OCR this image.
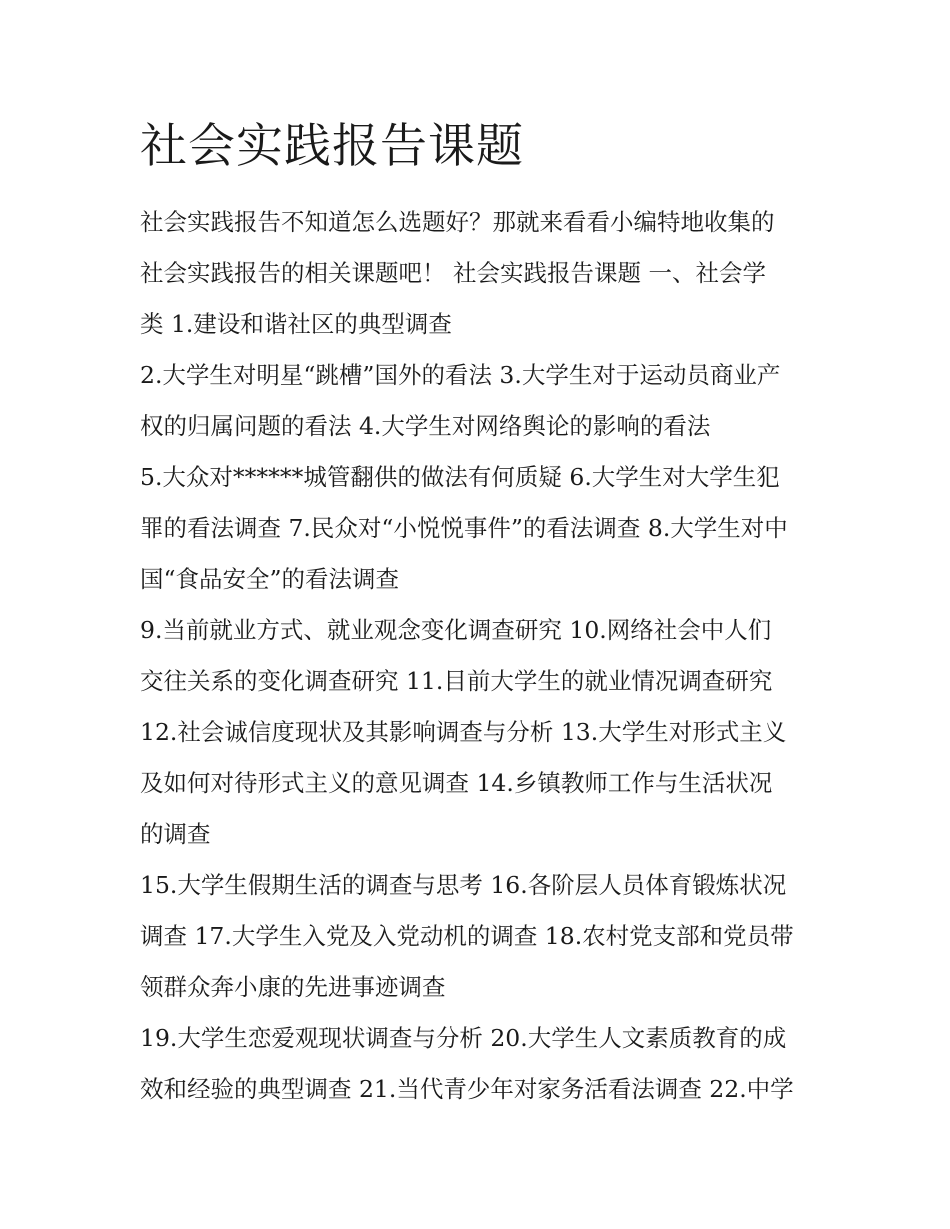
社会实践报告课题

社会实践报告不知道怎么选题好？那就来看看小编特地收集的

社会实践报告的相关课题吧！ 社会实践报告课题 一、社会学

类 1.建设和谐社区的典型调查

2.大学生对明星“跳槽”国外的看法 3.大学生对于运动员商业产

权的归属问题的看法 4.大学生对网络舆论的影响的看法

5.大众对******城管翻供的做法有何质疑 6.大学生对大学生犯

罪的看法调查 7.民众对“小悦悦事件”的看法调查 8.大学生对中

国“食品安全”的看法调查

9.当前就业方式、就业观念变化调查研究 10.网络社会中人们

交往关系的变化调查研究 11.目前大学生的就业情况调查研究

12.社会诚信度现状及其影响调查与分析 13.大学生对形式主义

及如何对待形式主义的意见调查 14.乡镇教师工作与生活状况

的调查

15.大学生假期生活的调查与思考 16.各阶层人员体育锻炼状况

调查 17.大学生入党及入党动机的调查 18.农村党支部和党员带

领群众奔小康的先进事迹调查

19.大学生恋爱观现状调查与分析 20.大学生人文素质教育的成

效和经验的典型调查 21.当代青少年对家务活看法调查 22.中学
